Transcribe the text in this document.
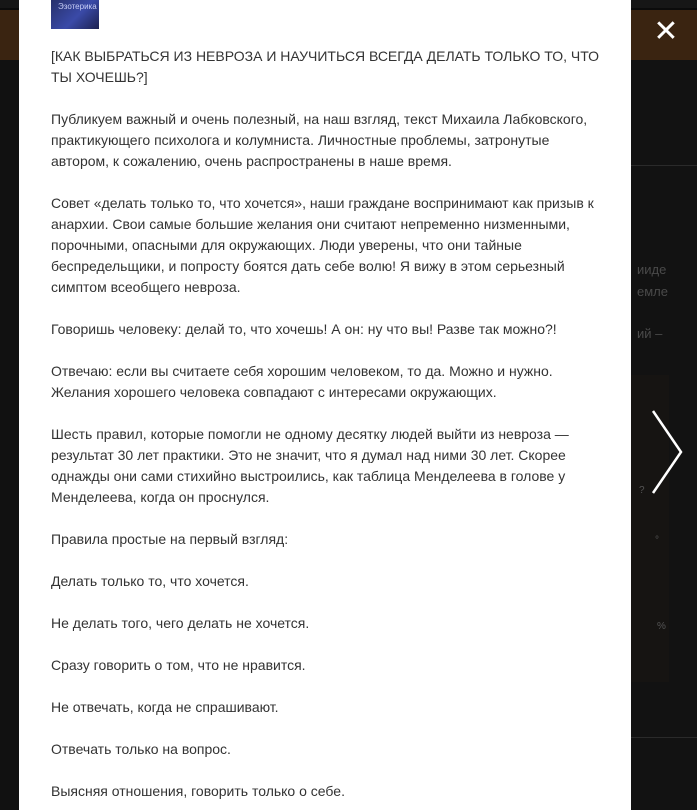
ииде
емле
ий –
?
°
%
Эзотерика

[КАК ВЫБРАТЬСЯ ИЗ НЕВРОЗА И НАУЧИТЬСЯ ВСЕГДА ДЕЛАТЬ ТОЛЬКО ТО, ЧТО ТЫ ХОЧЕШЬ?]

Публикуем важный и очень полезный, на наш взгляд, текст Михаила Лабковского, практикующего психолога и колумниста. Личностные проблемы, затронутые автором, к сожалению, очень распространены в наше время.

Совет «делать только то, что хочется», наши граждане воспринимают как призыв к анархии. Свои самые большие желания они считают непременно низменными, порочными, опасными для окружающих. Люди уверены, что они тайные беспредельщики, и попросту боятся дать себе волю! Я вижу в этом серьезный симптом всеобщего невроза.

Говоришь человеку: делай то, что хочешь! А он: ну что вы! Разве так можно?!

Отвечаю: если вы считаете себя хорошим человеком, то да. Можно и нужно. Желания хорошего человека совпадают с интересами окружающих.

Шесть правил, которые помогли не одному десятку людей выйти из невроза — результат 30 лет практики. Это не значит, что я думал над ними 30 лет. Скорее однажды они сами стихийно выстроились, как таблица Менделеева в голове у Менделеева, когда он проснулся.

Правила простые на первый взгляд:

Делать только то, что хочется.

Не делать того, чего делать не хочется.

Сразу говорить о том, что не нравится.

Не отвечать, когда не спрашивают.

Отвечать только на вопрос.

Выясняя отношения, говорить только о себе.

✕
